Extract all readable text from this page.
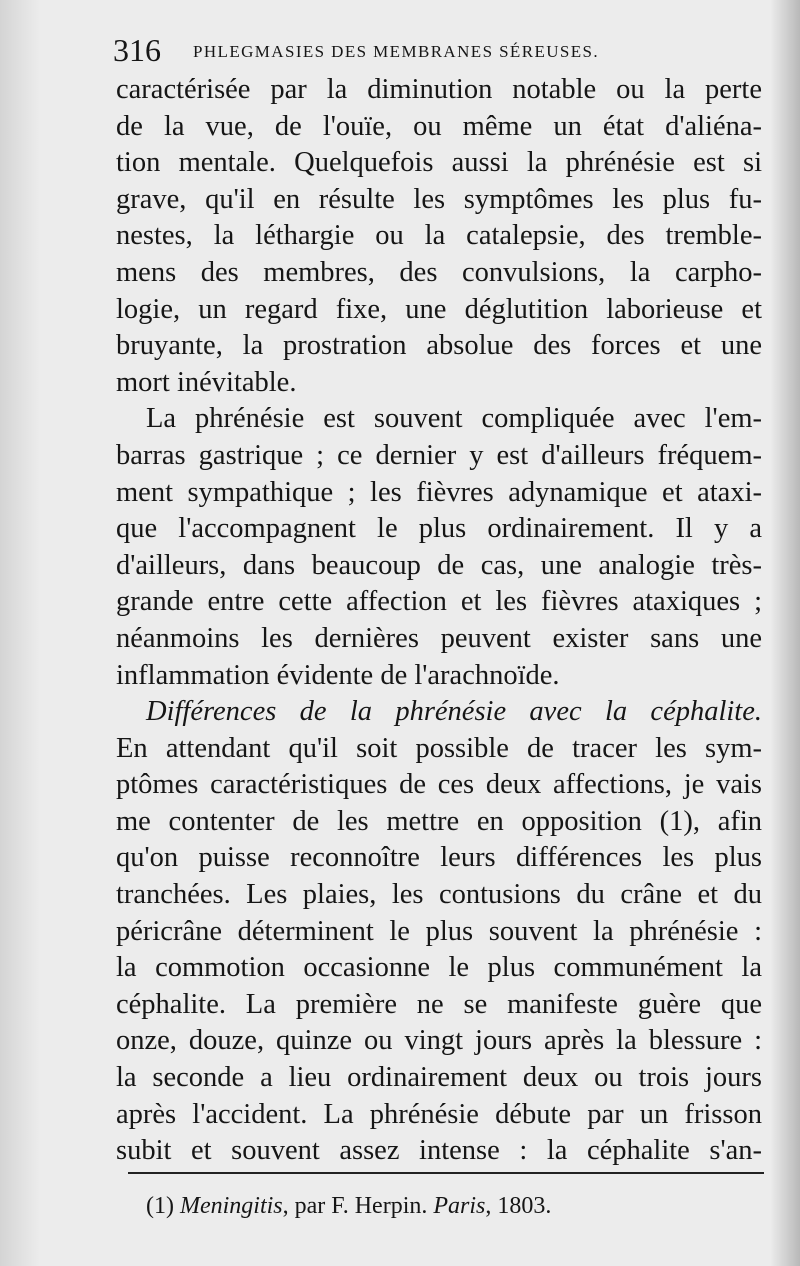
316 PHLEGMASIES DES MEMBRANES SÉREUSES.
caractérisée par la diminution notable ou la perte
de la vue, de l'ouïe, ou même un état d'aliéna-
tion mentale. Quelquefois aussi la phrénésie est si
grave, qu'il en résulte les symptômes les plus fu-
nestes, la léthargie ou la catalepsie, des tremble-
mens des membres, des convulsions, la carpho-
logie, un regard fixe, une déglutition laborieuse et
bruyante, la prostration absolue des forces et une
mort inévitable.
La phrénésie est souvent compliquée avec l'em-
barras gastrique ; ce dernier y est d'ailleurs fréquem-
ment sympathique ; les fièvres adynamique et ataxi-
que l'accompagnent le plus ordinairement. Il y a
d'ailleurs, dans beaucoup de cas, une analogie très-
grande entre cette affection et les fièvres ataxiques ;
néanmoins les dernières peuvent exister sans une
inflammation évidente de l'arachnoïde.
Différences de la phrénésie avec la céphalite.
En attendant qu'il soit possible de tracer les sym-
ptômes caractéristiques de ces deux affections, je vais
me contenter de les mettre en opposition (1), afin
qu'on puisse reconnoître leurs différences les plus
tranchées. Les plaies, les contusions du crâne et du
péricrâne déterminent le plus souvent la phrénésie :
la commotion occasionne le plus communément la
céphalite. La première ne se manifeste guère que
onze, douze, quinze ou vingt jours après la blessure :
la seconde a lieu ordinairement deux ou trois jours
après l'accident. La phrénésie débute par un frisson
subit et souvent assez intense : la céphalite s'an-
(1) Meningitis, par F. Herpin. Paris, 1803.
